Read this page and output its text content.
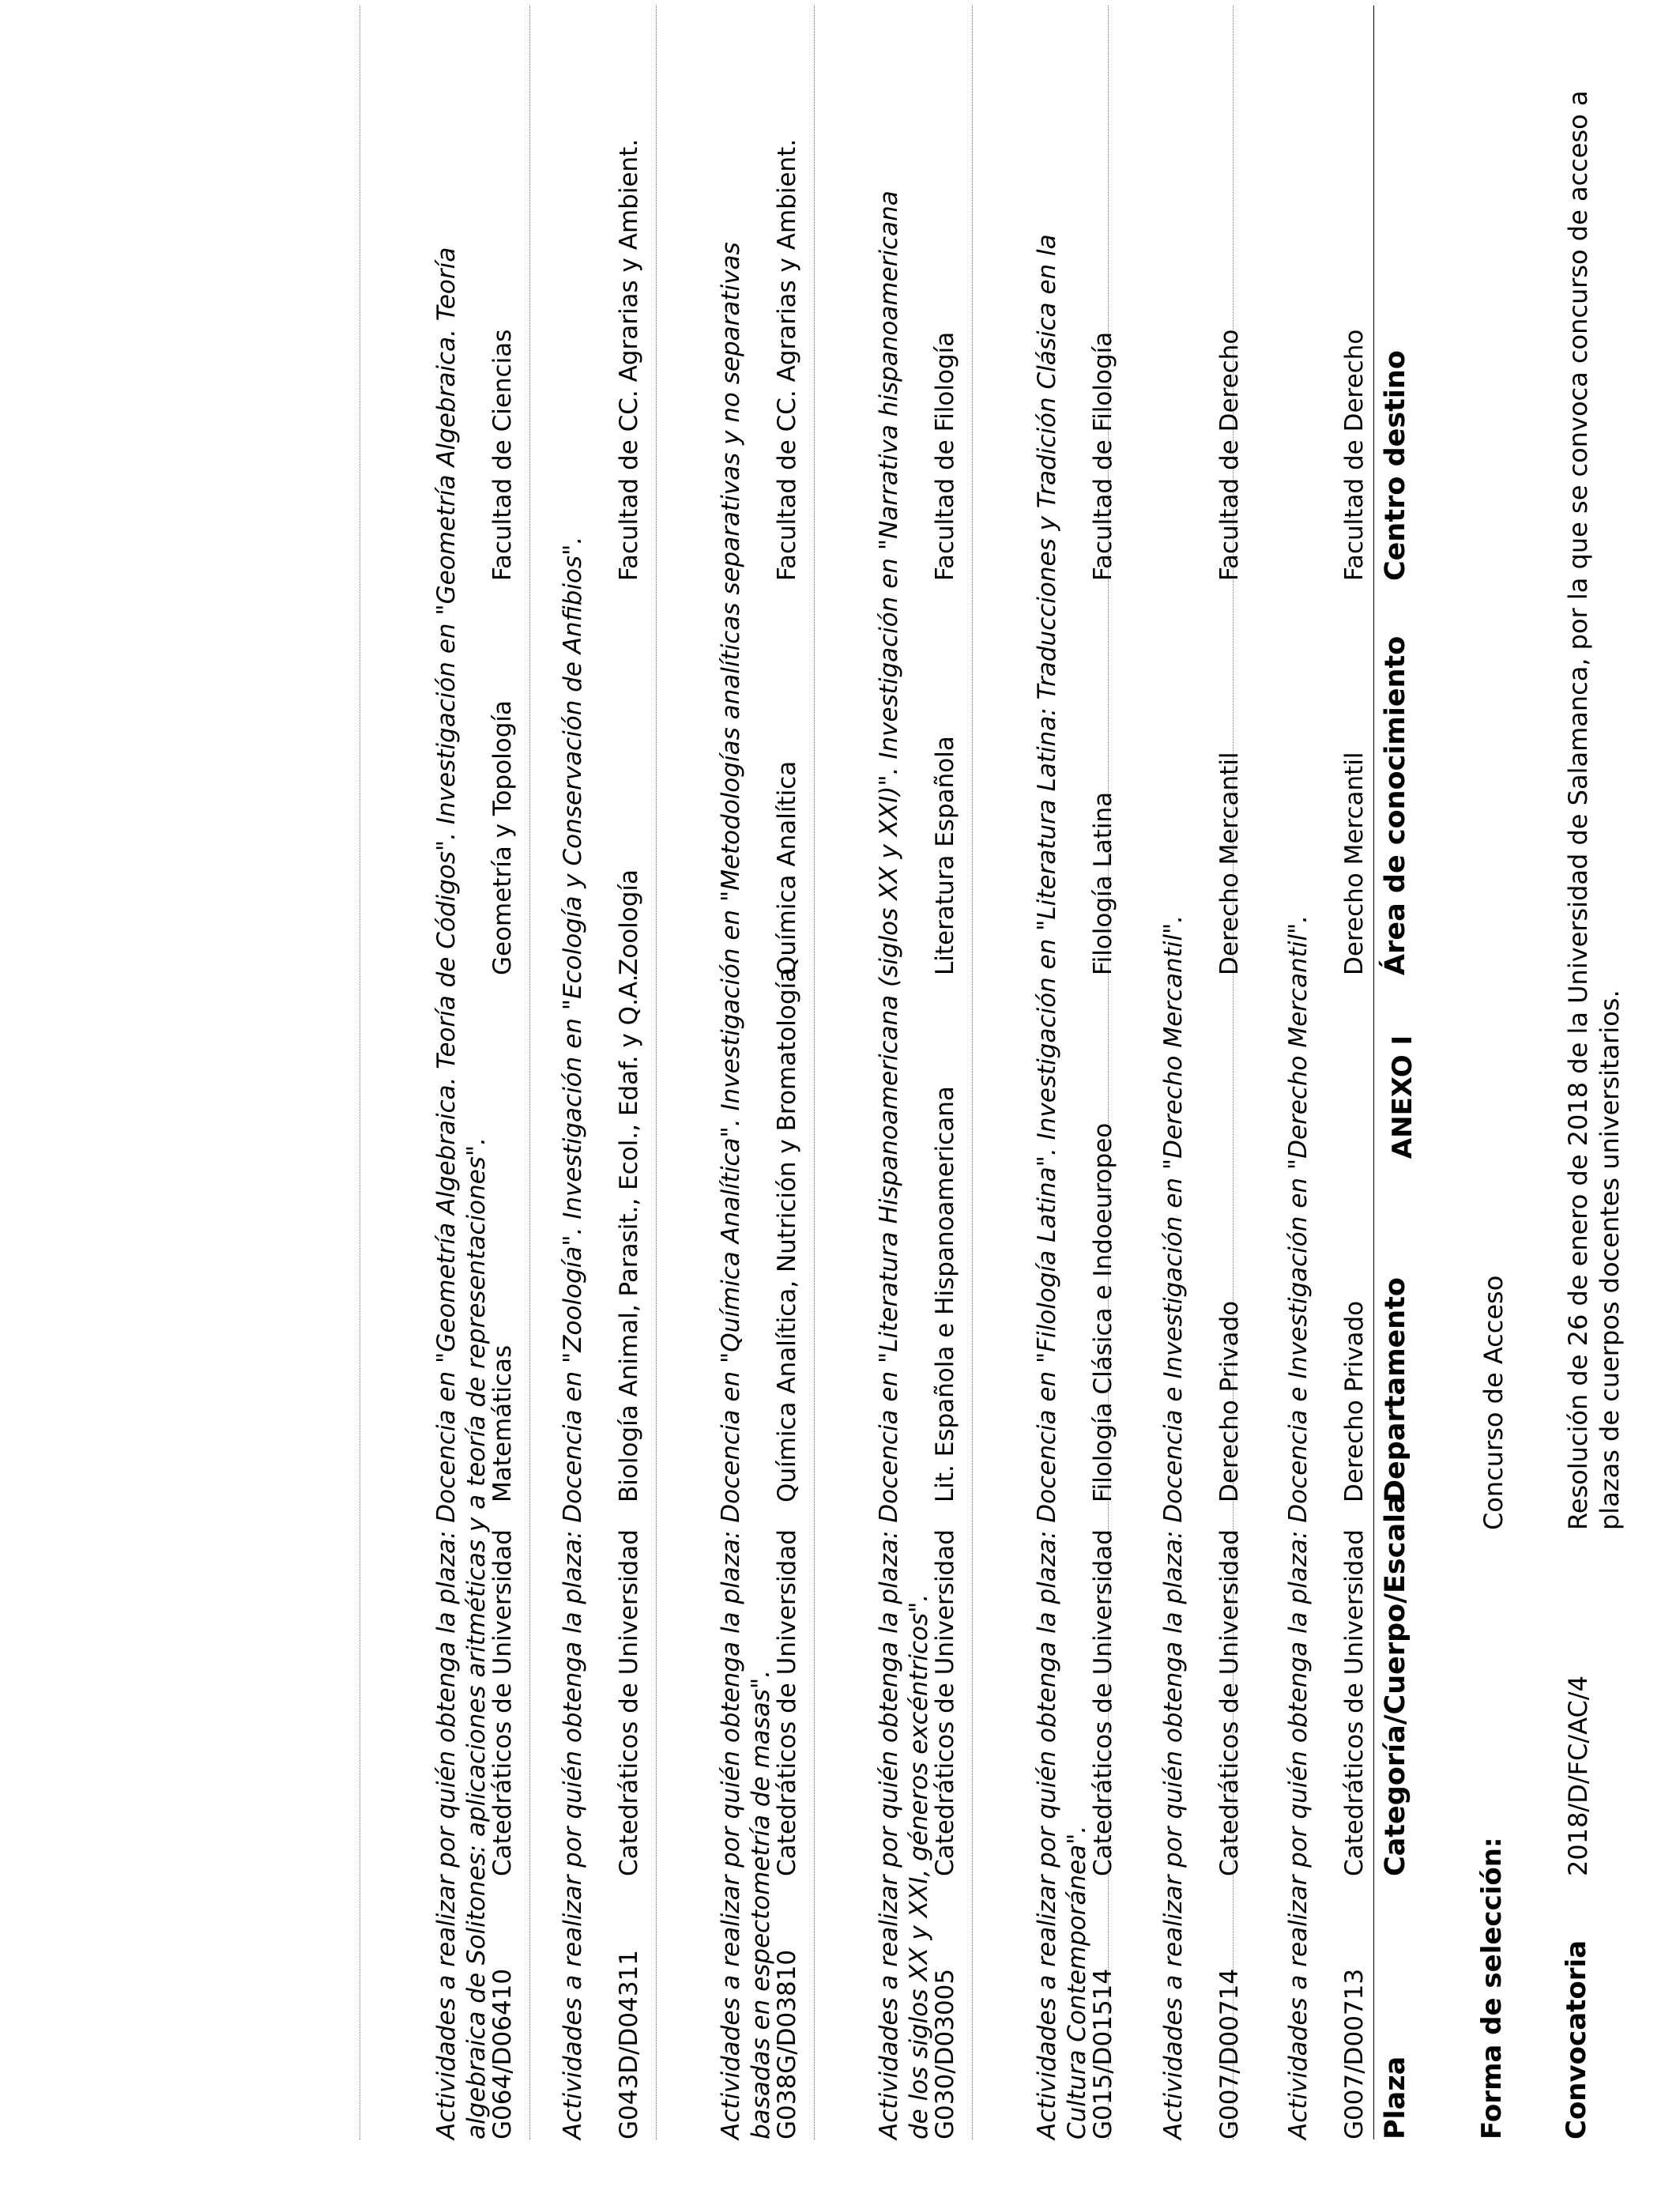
ANEXO I
Convocatoria
2018/D/FC/AC/4
Resolución de 26 de enero de 2018 de la Universidad de Salamanca, por la que se convoca concurso de acceso a plazas de cuerpos docentes universitarios.
Forma de selección:
Concurso de Acceso
Plaza
Categoría/Cuerpo/Escala
Departamento
Área de conocimiento
Centro destino
G007/D00713
Catedráticos de Universidad
Derecho Privado
Derecho Mercantil
Facultad de Derecho
Actividades a realizar por quién obtenga la plaza: Docencia e Investigación en "Derecho Mercantil".
G007/D00714
Catedráticos de Universidad
Derecho Privado
Derecho Mercantil
Facultad de Derecho
Actividades a realizar por quién obtenga la plaza: Docencia e Investigación en "Derecho Mercantil".
G015/D01514
Catedráticos de Universidad
Filología Clásica e Indoeuropeo
Filología Latina
Facultad de Filología
Actividades a realizar por quién obtenga la plaza: Docencia en "Filología Latina". Investigación en "Literatura Latina: Traducciones y Tradición Clásica en la Cultura Contemporánea".
G030/D03005
Catedráticos de Universidad
Lit. Española e Hispanoamericana
Literatura Española
Facultad de Filología
Actividades a realizar por quién obtenga la plaza: Docencia en "Literatura Hispanoamericana (siglos XX y XXI)". Investigación en "Narrativa hispanoamericana de los siglos XX y XXI, géneros excéntricos".
G038G/D03810
Catedráticos de Universidad
Química Analítica, Nutrición y Bromatología
Química Analítica
Facultad de CC. Agrarias y Ambient.
Actividades a realizar por quién obtenga la plaza: Docencia en "Química Analítica". Investigación en "Metodologías analíticas separativas y no separativas basadas en espectometría de masas".
G043D/D04311
Catedráticos de Universidad
Biología Animal, Parasit., Ecol., Edaf. y Q.A.
Zoología
Facultad de CC. Agrarias y Ambient.
Actividades a realizar por quién obtenga la plaza: Docencia en "Zoología". Investigación en "Ecología y Conservación de Anfibios".
G064/D06410
Catedráticos de Universidad
Matemáticas
Geometría y Topología
Facultad de Ciencias
Actividades a realizar por quién obtenga la plaza: Docencia en "Geometría Algebraica. Teoría de Códigos". Investigación en "Geometría Algebraica. Teoría algebraica de Solitones: aplicaciones aritméticas y a teoría de representaciones".
